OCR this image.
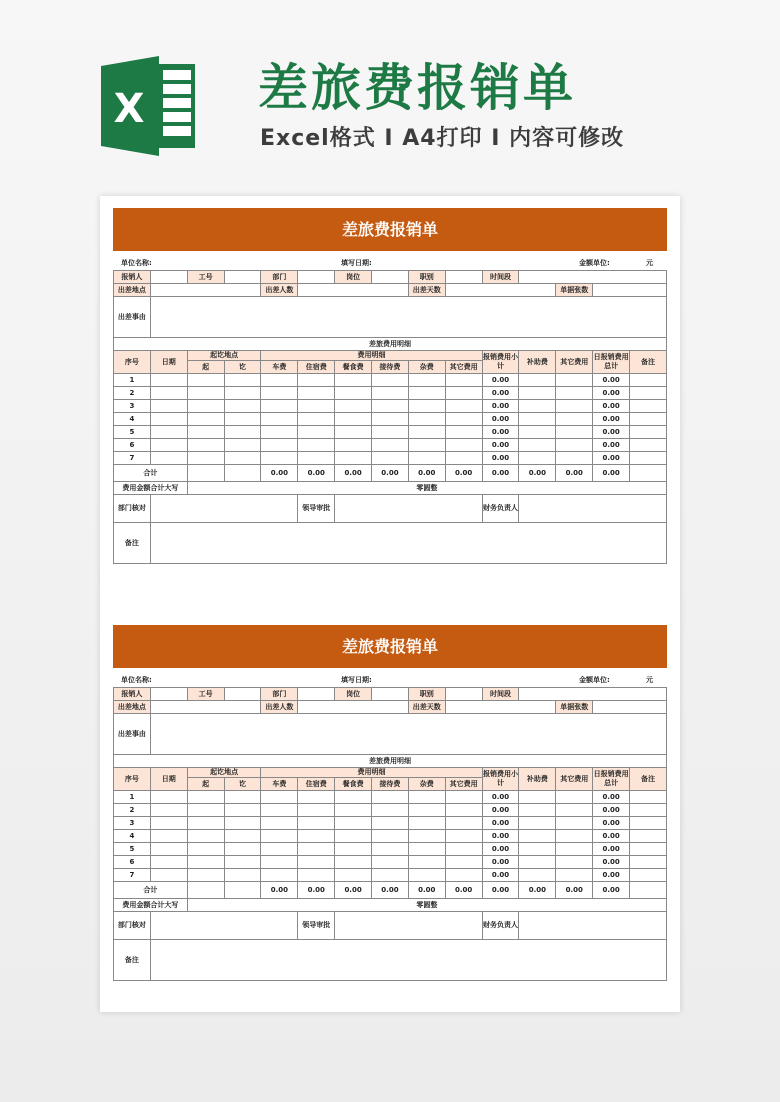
X 差旅费报销单
Excel格式 I A4打印 I 内容可修改
差旅费报销单
单位名称:	填写日期:	金额单位:	元
报销人		工号		部门		岗位		职别		时间段				
出差地点				出差人数				出差天数				单据张数		
出差事由														
差旅费用明细														
序号	日期	起讫地点		费用明细						报销费用小计	补助费	其它费用	日报销费用总计	备注
		起	讫	车费	住宿费	餐食费	接待费	杂费	其它费用					
1										0.00			0.00	
2										0.00			0.00	
3										0.00			0.00	
4										0.00			0.00	
5										0.00			0.00	
6										0.00			0.00	
7										0.00			0.00	
合计				0.00	0.00	0.00	0.00	0.00	0.00	0.00	0.00	0.00	0.00	
费用金额合计大写		零圆整												
部门核对					领导审批					财务负责人				
备注														
差旅费报销单
单位名称:	填写日期:	金额单位:	元
报销人		工号		部门		岗位		职别		时间段				
出差地点				出差人数				出差天数				单据张数		
出差事由														
差旅费用明细														
序号	日期	起讫地点		费用明细						报销费用小计	补助费	其它费用	日报销费用总计	备注
		起	讫	车费	住宿费	餐食费	接待费	杂费	其它费用					
1										0.00			0.00	
2										0.00			0.00	
3										0.00			0.00	
4										0.00			0.00	
5										0.00			0.00	
6										0.00			0.00	
7										0.00			0.00	
合计				0.00	0.00	0.00	0.00	0.00	0.00	0.00	0.00	0.00	0.00	
费用金额合计大写		零圆整												
部门核对					领导审批					财务负责人				
备注														
